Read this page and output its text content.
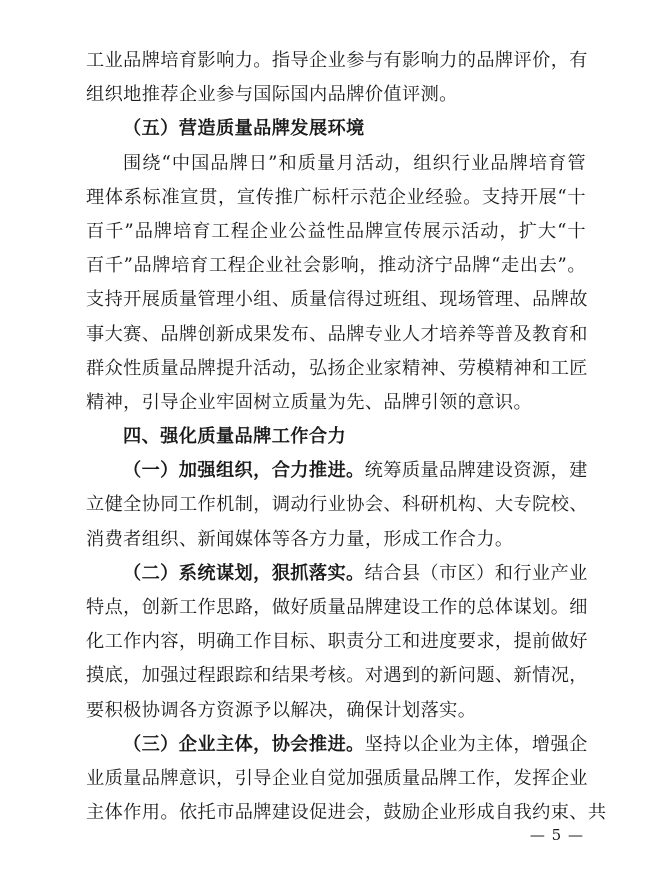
工业品牌培育影响力。指导企业参与有影响力的品牌评价，有
组织地推荐企业参与国际国内品牌价值评测。
（五）营造质量品牌发展环境
围绕“中国品牌日”和质量月活动，组织行业品牌培育管
理体系标准宣贯，宣传推广标杆示范企业经验。支持开展“十
百千”品牌培育工程企业公益性品牌宣传展示活动，扩大“十
百千”品牌培育工程企业社会影响，推动济宁品牌“走出去”。
支持开展质量管理小组、质量信得过班组、现场管理、品牌故
事大赛、品牌创新成果发布、品牌专业人才培养等普及教育和
群众性质量品牌提升活动，弘扬企业家精神、劳模精神和工匠
精神，引导企业牢固树立质量为先、品牌引领的意识。
四、强化质量品牌工作合力
（一）加强组织，合力推进。统筹质量品牌建设资源，建
立健全协同工作机制，调动行业协会、科研机构、大专院校、
消费者组织、新闻媒体等各方力量，形成工作合力。
（二）系统谋划，狠抓落实。结合县（市区）和行业产业
特点，创新工作思路，做好质量品牌建设工作的总体谋划。细
化工作内容，明确工作目标、职责分工和进度要求，提前做好
摸底，加强过程跟踪和结果考核。对遇到的新问题、新情况，
要积极协调各方资源予以解决，确保计划落实。
（三）企业主体，协会推进。坚持以企业为主体，增强企
业质量品牌意识，引导企业自觉加强质量品牌工作，发挥企业
主体作用。依托市品牌建设促进会，鼓励企业形成自我约束、共
— 5 —
